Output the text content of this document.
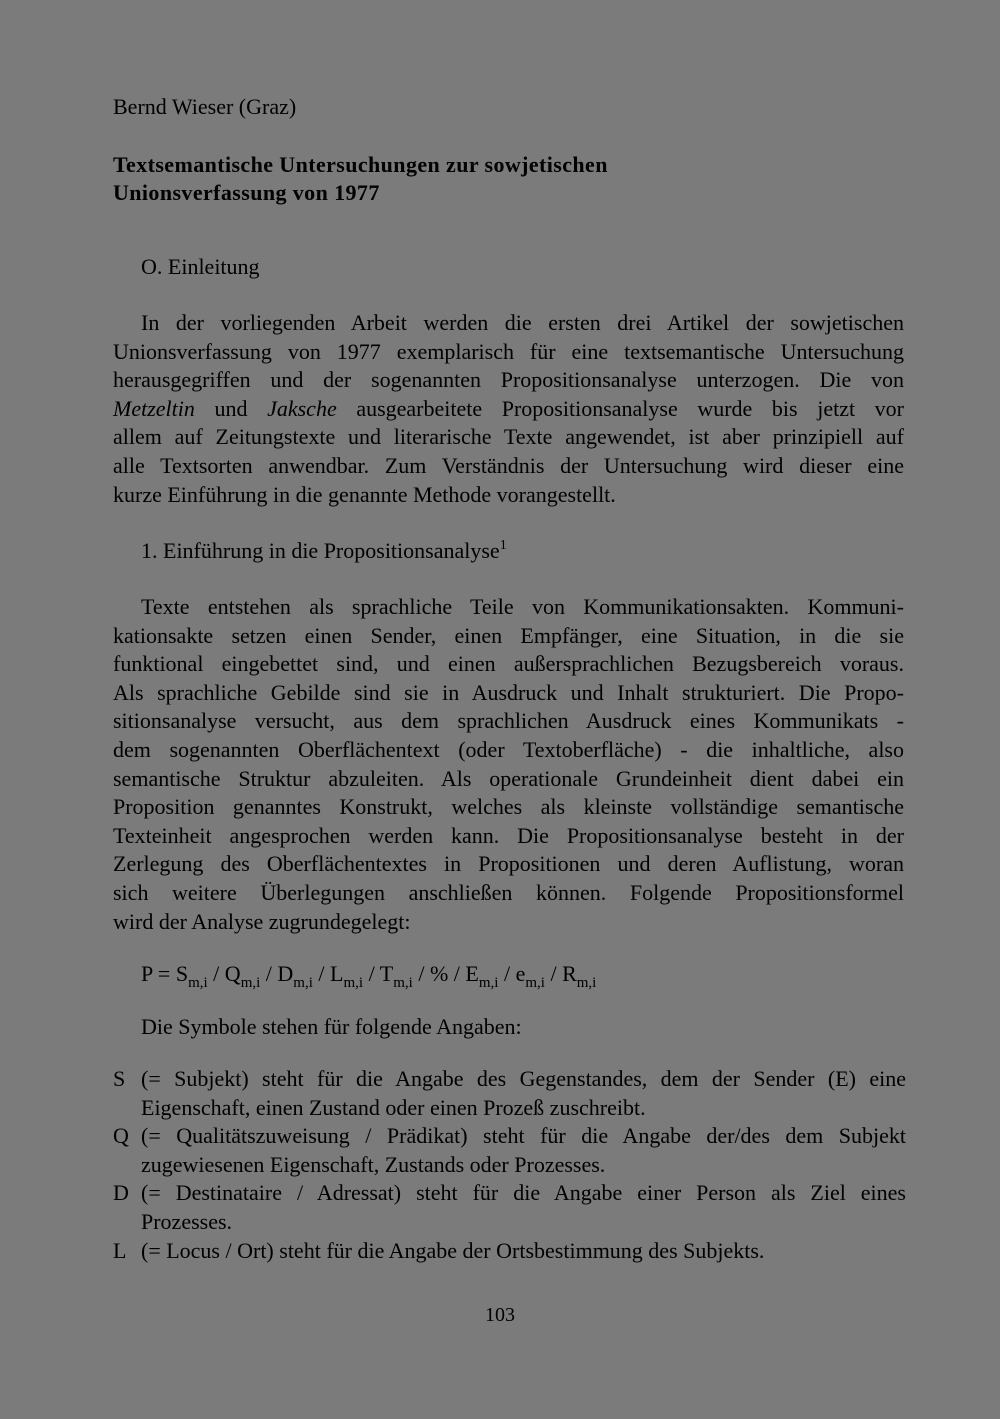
Bernd Wieser (Graz)
Textsemantische Untersuchungen zur sowjetischen
Unionsverfassung von 1977
O. Einleitung
In der vorliegenden Arbeit werden die ersten drei Artikel der sowjetischen
Unionsverfassung von 1977 exemplarisch für eine textsemantische Untersuchung
herausgegriffen und der sogenannten Propositionsanalyse unterzogen. Die von
Metzeltin und Jaksche ausgearbeitete Propositionsanalyse wurde bis jetzt vor
allem auf Zeitungstexte und literarische Texte angewendet, ist aber prinzipiell auf
alle Textsorten anwendbar. Zum Verständnis der Untersuchung wird dieser eine
kurze Einführung in die genannte Methode vorangestellt.
1. Einführung in die Propositionsanalyse$^1$
Texte entstehen als sprachliche Teile von Kommunikationsakten. Kommuni-
kationsakte setzen einen Sender, einen Empfänger, eine Situation, in die sie
funktional eingebettet sind, und einen außersprachlichen Bezugsbereich voraus.
Als sprachliche Gebilde sind sie in Ausdruck und Inhalt strukturiert. Die Propo-
sitionsanalyse versucht, aus dem sprachlichen Ausdruck eines Kommunikats -
dem sogenannten Oberflächentext (oder Textoberfläche) - die inhaltliche, also
semantische Struktur abzuleiten. Als operationale Grundeinheit dient dabei ein
Proposition genanntes Konstrukt, welches als kleinste vollständige semantische
Texteinheit angesprochen werden kann. Die Propositionsanalyse besteht in der
Zerlegung des Oberflächentextes in Propositionen und deren Auflistung, woran
sich weitere Überlegungen anschließen können. Folgende Propositionsformel
wird der Analyse zugrundegelegt:
$P = S_{m,i} / Q_{m,i} / D_{m,i} / L_{m,i} / T_{m,i}$ / % / $E_{m,i} / e_{m,i} / R_{m,i}$
Die Symbole stehen für folgende Angaben:
S (= Subjekt) steht für die Angabe des Gegenstandes, dem der Sender (E) eine
Eigenschaft, einen Zustand oder einen Prozeß zuschreibt.
Q (= Qualitätszuweisung / Prädikat) steht für die Angabe der/des dem Subjekt
zugewiesenen Eigenschaft, Zustands oder Prozesses.
D (= Destinataire / Adressat) steht für die Angabe einer Person als Ziel eines
Prozesses.
L (= Locus / Ort) steht für die Angabe der Ortsbestimmung des Subjekts.
103
